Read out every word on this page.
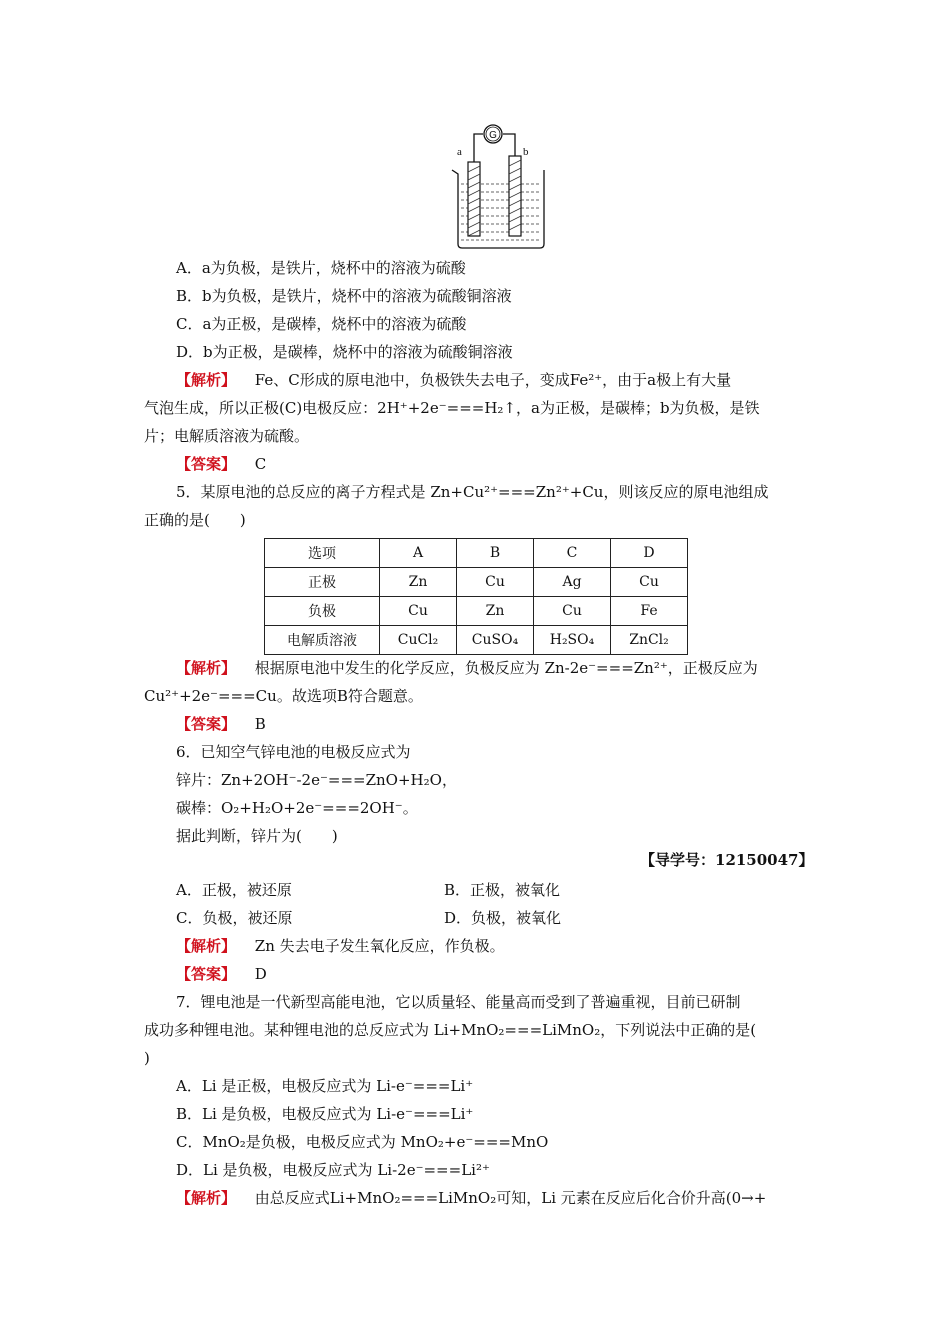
G
a	b
A．a为负极，是铁片，烧杯中的溶液为硫酸
B．b为负极，是铁片，烧杯中的溶液为硫酸铜溶液
C．a为正极，是碳棒，烧杯中的溶液为硫酸
D．b为正极，是碳棒，烧杯中的溶液为硫酸铜溶液
【解析】 Fe、C形成的原电池中，负极铁失去电子，变成Fe²⁺，由于a极上有大量
气泡生成，所以正极(C)电极反应：2H⁺+2e⁻===H₂↑，a为正极，是碳棒；b为负极，是铁
片；电解质溶液为硫酸。
【答案】 C
5．某原电池的总反应的离子方程式是 Zn+Cu²⁺===Zn²⁺+Cu，则该反应的原电池组成
正确的是(　　)
选项	A	B	C	D
正极	Zn	Cu	Ag	Cu
负极	Cu	Zn	Cu	Fe
电解质溶液	CuCl₂	CuSO₄	H₂SO₄	ZnCl₂
【解析】 根据原电池中发生的化学反应，负极反应为 Zn-2e⁻===Zn²⁺，正极反应为
Cu²⁺+2e⁻===Cu。故选项B符合题意。
【答案】 B
6．已知空气锌电池的电极反应式为
锌片：Zn+2OH⁻-2e⁻===ZnO+H₂O，
碳棒：O₂+H₂O+2e⁻===2OH⁻。
据此判断，锌片为(　　)
【导学号：12150047】
A．正极，被还原	B．正极，被氧化
C．负极，被还原	D．负极，被氧化
【解析】 Zn 失去电子发生氧化反应，作负极。
【答案】 D
7．锂电池是一代新型高能电池，它以质量轻、能量高而受到了普遍重视，目前已研制
成功多种锂电池。某种锂电池的总反应式为 Li+MnO₂===LiMnO₂，下列说法中正确的是(
)
A．Li 是正极，电极反应式为 Li-e⁻===Li⁺
B．Li 是负极，电极反应式为 Li-e⁻===Li⁺
C．MnO₂是负极，电极反应式为 MnO₂+e⁻===MnO
D．Li 是负极，电极反应式为 Li-2e⁻===Li²⁺
【解析】 由总反应式Li+MnO₂===LiMnO₂可知，Li 元素在反应后化合价升高(0→+
